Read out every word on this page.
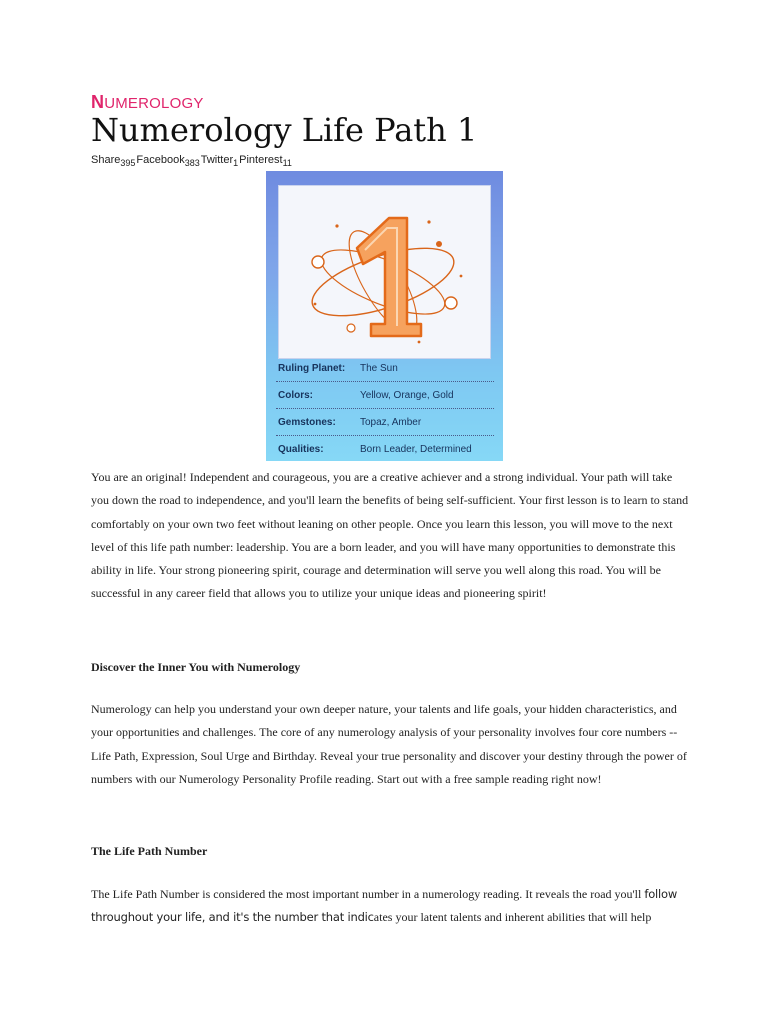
NUMEROLOGY
Numerology Life Path 1
Share$_{395}$Facebook$_{383}$Twitter$_1$Pinterest$_{11}$
Ruling Planet: The Sun
Colors:	Yellow, Orange, Gold
Gemstones: Topaz, Amber
Qualities:	Born Leader, Determined

You are an original! Independent and courageous, you are a creative achiever and a strong individual. Your path will take you down the road to independence, and you'll learn the benefits of being self-sufficient. Your first lesson is to learn to stand comfortably on your own two feet without leaning on other people. Once you learn this lesson, you will move to the next level of this life path number: leadership. You are a born leader, and you will have many opportunities to demonstrate this ability in life. Your strong pioneering spirit, courage and determination will serve you well along this road. You will be successful in any career field that allows you to utilize your unique ideas and pioneering spirit!

Discover the Inner You with Numerology

Numerology can help you understand your own deeper nature, your talents and life goals, your hidden characteristics, and your opportunities and challenges. The core of any numerology analysis of your personality involves four core numbers -- Life Path, Expression, Soul Urge and Birthday. Reveal your true personality and discover your destiny through the power of numbers with our Numerology Personality Profile reading. Start out with a free sample reading right now!

The Life Path Number

The Life Path Number is considered the most important number in a numerology reading. It reveals the road you'll follow throughout your life, and it's the number that indicates your latent talents and inherent abilities that will help
